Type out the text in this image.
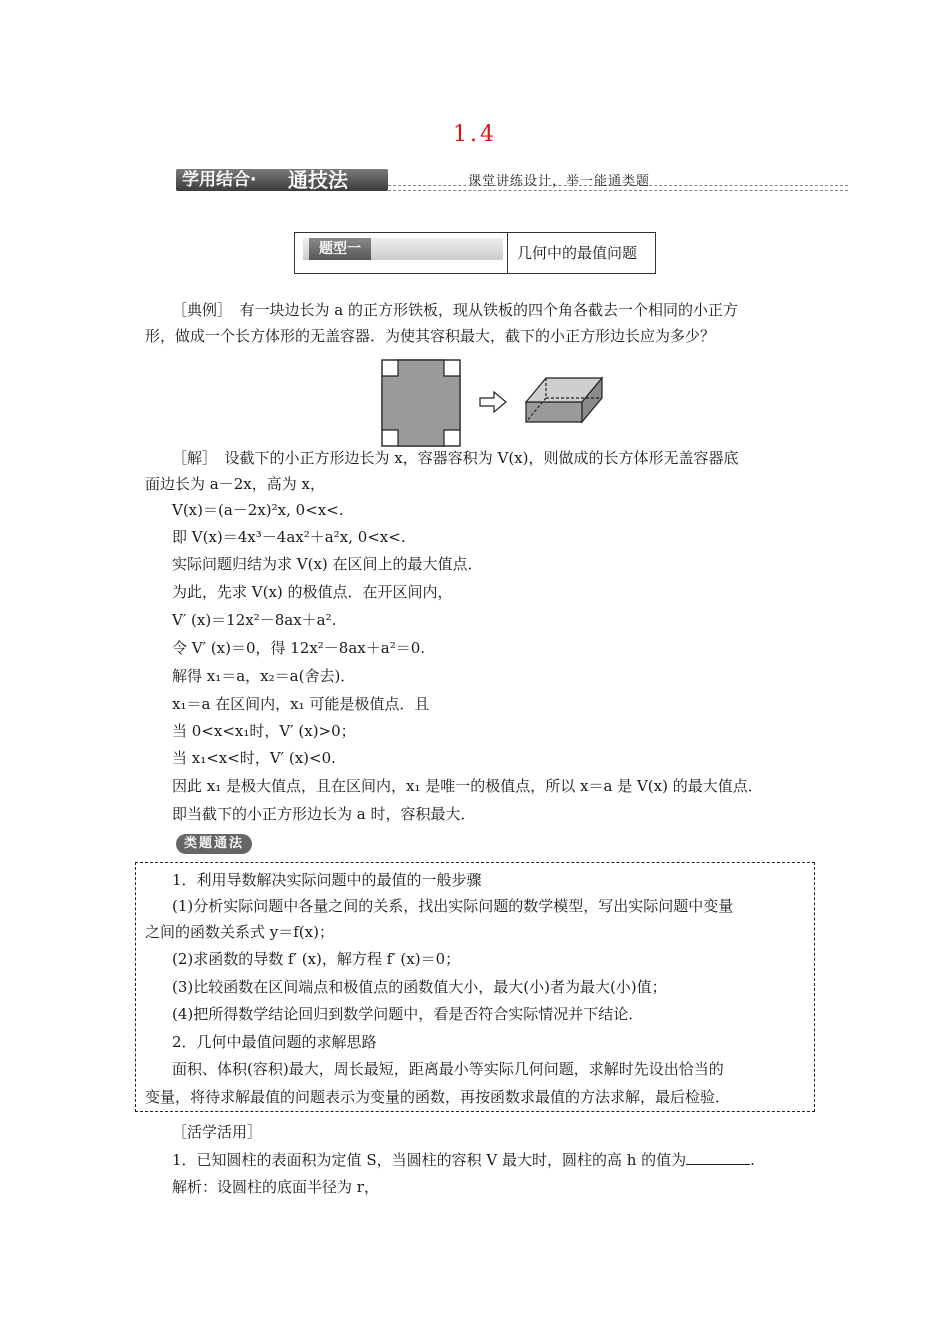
1.4
学用结合· 通技法	课堂讲练设计，举一能通类题
题型一	几何中的最值问题
［典例］　有一块边长为 a 的正方形铁板，现从铁板的四个角各截去一个相同的小正方
形，做成一个长方体形的无盖容器．为使其容积最大，截下的小正方形边长应为多少？
［解］　设截下的小正方形边长为 x，容器容积为 V(x)，则做成的长方体形无盖容器底
面边长为 a－2x，高为 x，
V(x)＝(a－2x)²x, 0<x<.
即 V(x)＝4x³－4ax²＋a²x, 0<x<.
实际问题归结为求 V(x) 在区间上的最大值点．
为此，先求 V(x) 的极值点．在开区间内，
V′ (x)＝12x²－8ax＋a².
令 V′ (x)＝0，得 12x²－8ax＋a²＝0.
解得 x₁＝a，x₂＝a(舍去)．
x₁＝a 在区间内，x₁ 可能是极值点．且
当 0<x<x₁时，V′ (x)>0；
当 x₁<x<时，V′ (x)<0.
因此 x₁ 是极大值点，且在区间内，x₁ 是唯一的极值点，所以 x＝a 是 V(x) 的最大值点．
即当截下的小正方形边长为 a 时，容积最大．
类题通法
1．利用导数解决实际问题中的最值的一般步骤
(1)分析实际问题中各量之间的关系，找出实际问题的数学模型，写出实际问题中变量
之间的函数关系式 y＝f(x)；
(2)求函数的导数 f′ (x)，解方程 f′ (x)＝0；
(3)比较函数在区间端点和极值点的函数值大小，最大(小)者为最大(小)值；
(4)把所得数学结论回归到数学问题中，看是否符合实际情况并下结论．
2．几何中最值问题的求解思路
面积、体积(容积)最大，周长最短，距离最小等实际几何问题，求解时先设出恰当的
变量，将待求解最值的问题表示为变量的函数，再按函数求最值的方法求解，最后检验．
［活学活用］
1．已知圆柱的表面积为定值 S，当圆柱的容积 V 最大时，圆柱的高 h 的值为	.
解析：设圆柱的底面半径为 r，
